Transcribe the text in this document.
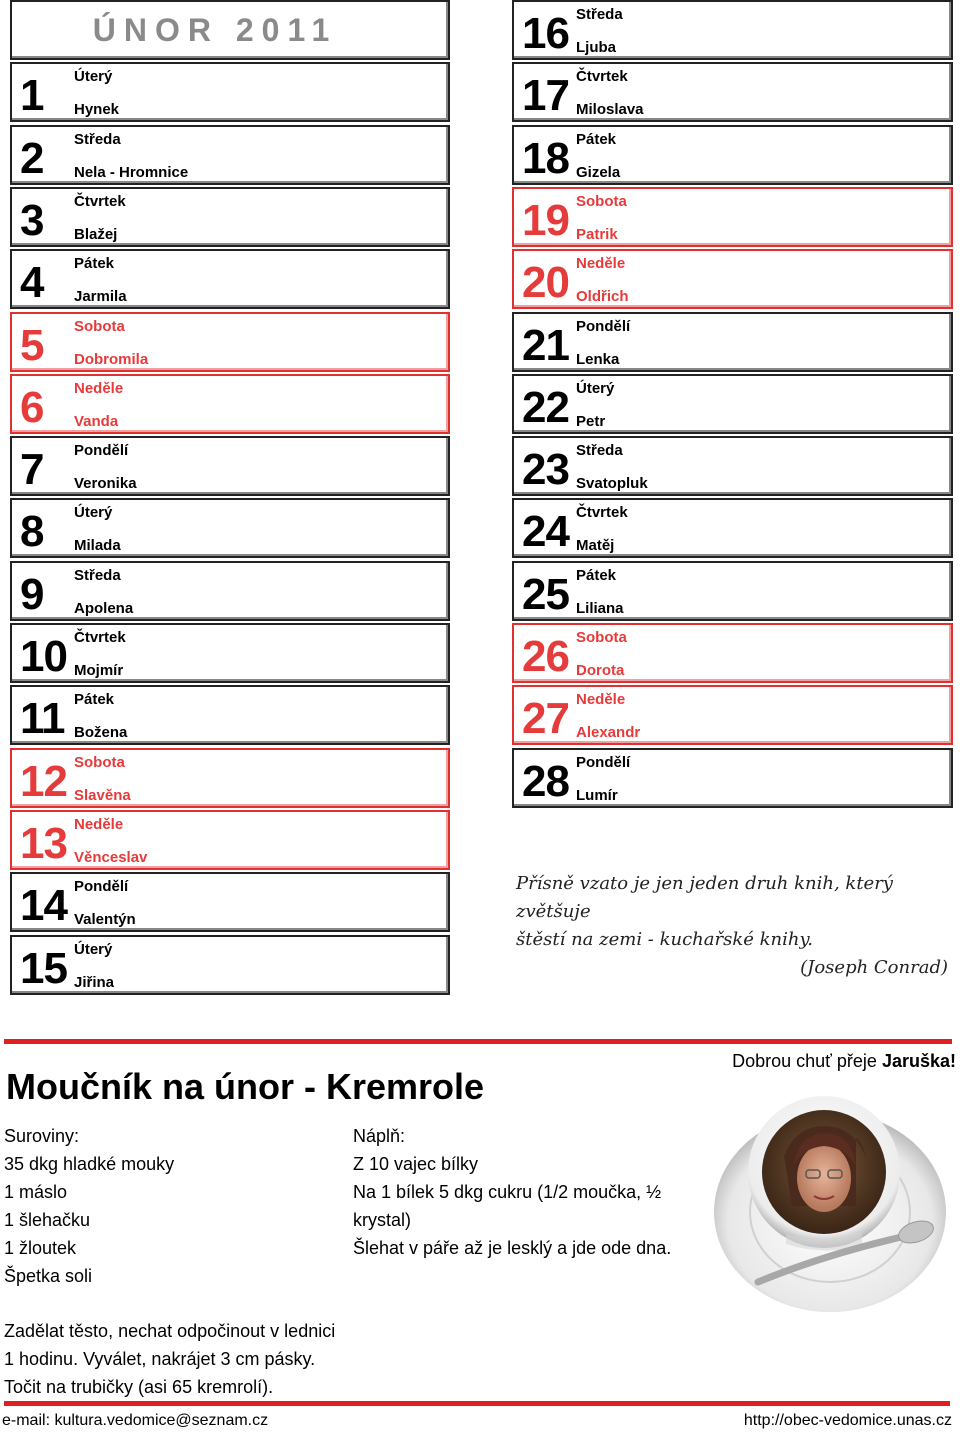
ÚNOR 2011
1 Úterý
Hynek
2 Středa
Nela - Hromnice
3 Čtvrtek
Blažej
4 Pátek
Jarmila
5 Sobota
Dobromila
6 Neděle
Vanda
7 Pondělí
Veronika
8 Úterý
Milada
9 Středa
Apolena
10 Čtvrtek
Mojmír
11 Pátek
Božena
12 Sobota
Slavěna
13 Neděle
Věnceslav
14 Pondělí
Valentýn
15 Úterý
Jiřina
16 Středa
Ljuba
17 Čtvrtek
Miloslava
18 Pátek
Gizela
19 Sobota
Patrik
20 Neděle
Oldřich
21 Pondělí
Lenka
22 Úterý
Petr
23 Středa
Svatopluk
24 Čtvrtek
Matěj
25 Pátek
Liliana
26 Sobota
Dorota
27 Neděle
Alexandr
28 Pondělí
Lumír
Přísně vzato je jen jeden druh knih, který zvětšuje
štěstí na zemi - kuchařské knihy.
(Joseph Conrad)
Dobrou chuť přeje Jaruška!
Moučník na únor - Kremrole
Suroviny:
35 dkg hladké mouky
1 máslo
1 šlehačku
1 žloutek
Špetka soli
Náplň:
Z 10 vajec bílky
Na 1 bílek 5 dkg cukru (1/2 moučka, ½
krystal)
Šlehat v páře až je lesklý a jde ode dna.
Zadělat těsto, nechat odpočinout v lednici
1 hodinu. Vyválet, nakrájet 3 cm pásky.
Točit na trubičky (asi 65 kremrolí).
e-mail: kultura.vedomice@seznam.cz	http://obec-vedomice.unas.cz
